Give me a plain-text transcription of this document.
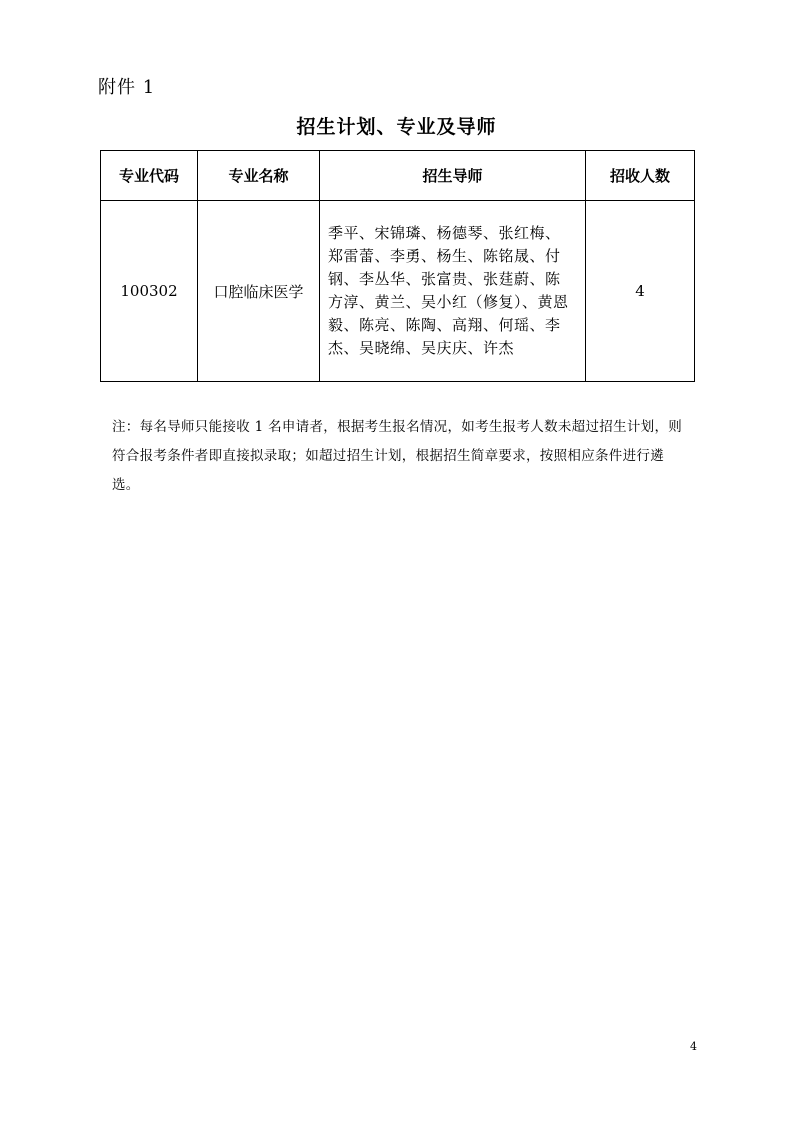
附件 1
招生计划、专业及导师
专业代码	专业名称	招生导师	招收人数
100302	口腔临床医学	季平、宋锦璘、杨德琴、张红梅、郑雷蕾、李勇、杨生、陈铭晟、付钢、李丛华、张富贵、张莛蔚、陈方淳、黄兰、吴小红（修复）、黄恩毅、陈亮、陈陶、高翔、何瑶、李杰、吴晓绵、吴庆庆、许杰	4
注：每名导师只能接收 1 名申请者，根据考生报名情况，如考生报考人数未超过招生计划，则符合报考条件者即直接拟录取；如超过招生计划，根据招生简章要求，按照相应条件进行遴选。
4
